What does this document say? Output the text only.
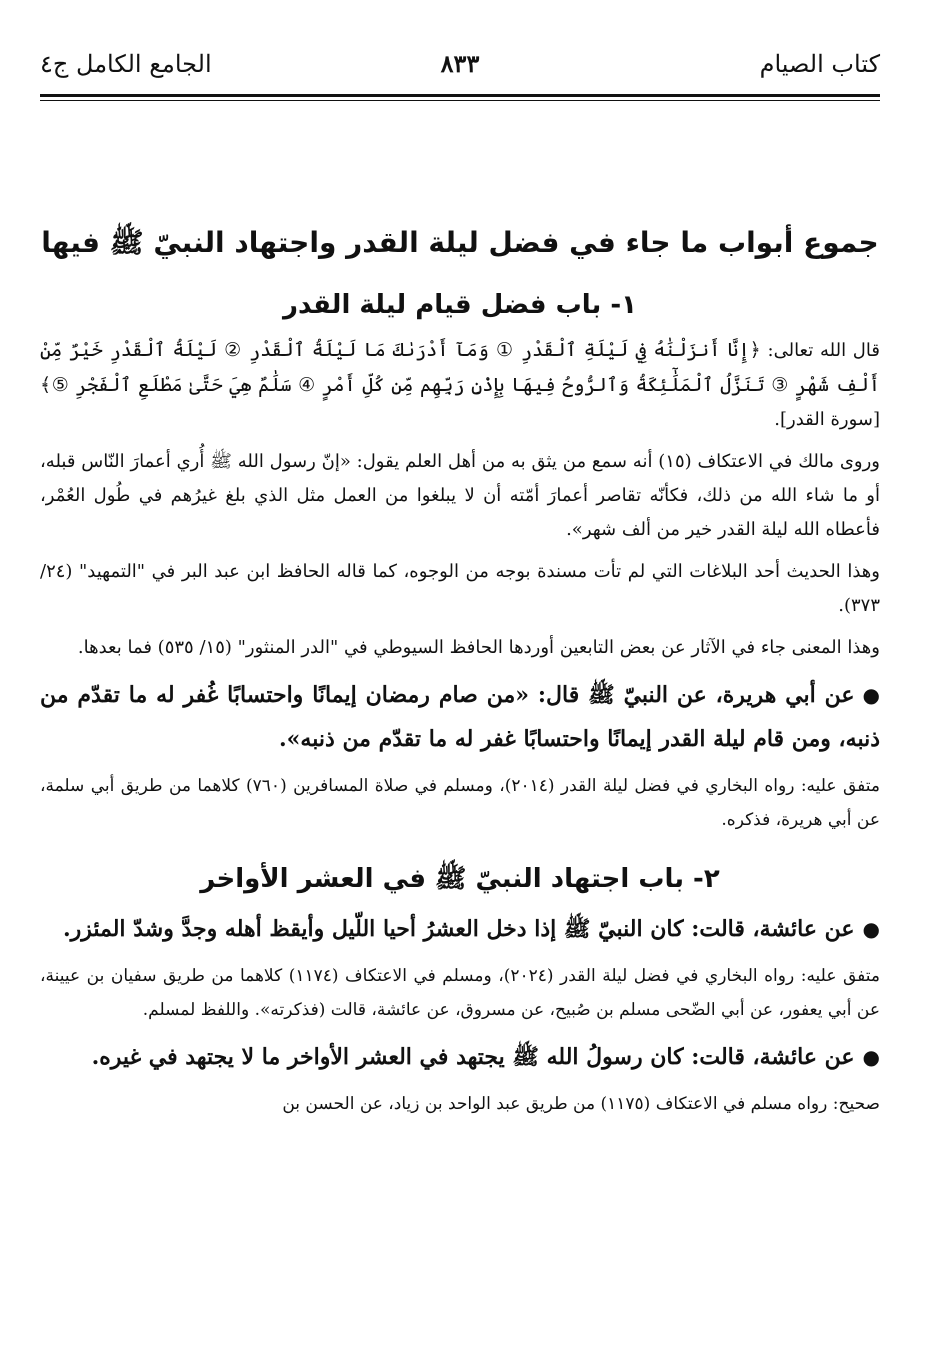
كتاب الصيام
٨٣٣
الجامع الكامل ج٤
جموع أبواب ما جاء في فضل ليلة القدر واجتهاد النبيّ ﷺ فيها
١- باب فضل قيام ليلة القدر

قال الله تعالى: ﴿إِنَّا أَنزَلْنَٰهُ فِي لَيْلَةِ ٱلْقَدْرِ ① وَمَآ أَدْرَىٰكَ مَا لَيْلَةُ ٱلْقَدْرِ ② لَيْلَةُ ٱلْقَدْرِ خَيْرٌ مِّنْ أَلْفِ شَهْرٍ ③ تَنَزَّلُ ٱلْمَلَٰٓئِكَةُ وَٱلرُّوحُ فِيهَا بِإِذْنِ رَبِّهِم مِّن كُلِّ أَمْرٍ ④ سَلَٰمٌ هِيَ حَتَّىٰ مَطْلَعِ ٱلْفَجْرِ ⑤﴾ [سورة القدر].

وروى مالك في الاعتكاف (١٥) أنه سمع من يثق به من أهل العلم يقول: «إنّ رسول الله ﷺ أُري أعمارَ النّاس قبله، أو ما شاء الله من ذلك، فكأنّه تقاصر أعمارَ أمّته أن لا يبلغوا من العمل مثل الذي بلغ غيرُهم في طُول العُمْر، فأعطاه الله ليلة القدر خير من ألف شهر».

وهذا الحديث أحد البلاغات التي لم تأت مسندة بوجه من الوجوه، كما قاله الحافظ ابن عبد البر في "التمهيد" (٢٤/ ٣٧٣).

وهذا المعنى جاء في الآثار عن بعض التابعين أوردها الحافظ السيوطي في "الدر المنثور" (١٥/ ٥٣٥) فما بعدها.

●عن أبي هريرة، عن النبيّ ﷺ قال: «من صام رمضان إيمانًا واحتسابًا غُفر له ما تقدّم من ذنبه، ومن قام ليلة القدر إيمانًا واحتسابًا غفر له ما تقدّم من ذنبه».

متفق عليه: رواه البخاري في فضل ليلة القدر (٢٠١٤)، ومسلم في صلاة المسافرين (٧٦٠) كلاهما من طريق أبي سلمة، عن أبي هريرة، فذكره.

٢- باب اجتهاد النبيّ ﷺ في العشر الأواخر

●عن عائشة، قالت: كان النبيّ ﷺ إذا دخل العشرُ أحيا اللّيل وأيقظ أهله وجدَّ وشدّ المئزر.

متفق عليه: رواه البخاري في فضل ليلة القدر (٢٠٢٤)، ومسلم في الاعتكاف (١١٧٤) كلاهما من طريق سفيان بن عيينة، عن أبي يعفور، عن أبي الضّحى مسلم بن صُبيح، عن مسروق، عن عائشة، قالت (فذكرته». واللفظ لمسلم.

●عن عائشة، قالت: كان رسولُ الله ﷺ يجتهد في العشر الأواخر ما لا يجتهد في غيره.

صحيح: رواه مسلم في الاعتكاف (١١٧٥) من طريق عبد الواحد بن زياد، عن الحسن بن
